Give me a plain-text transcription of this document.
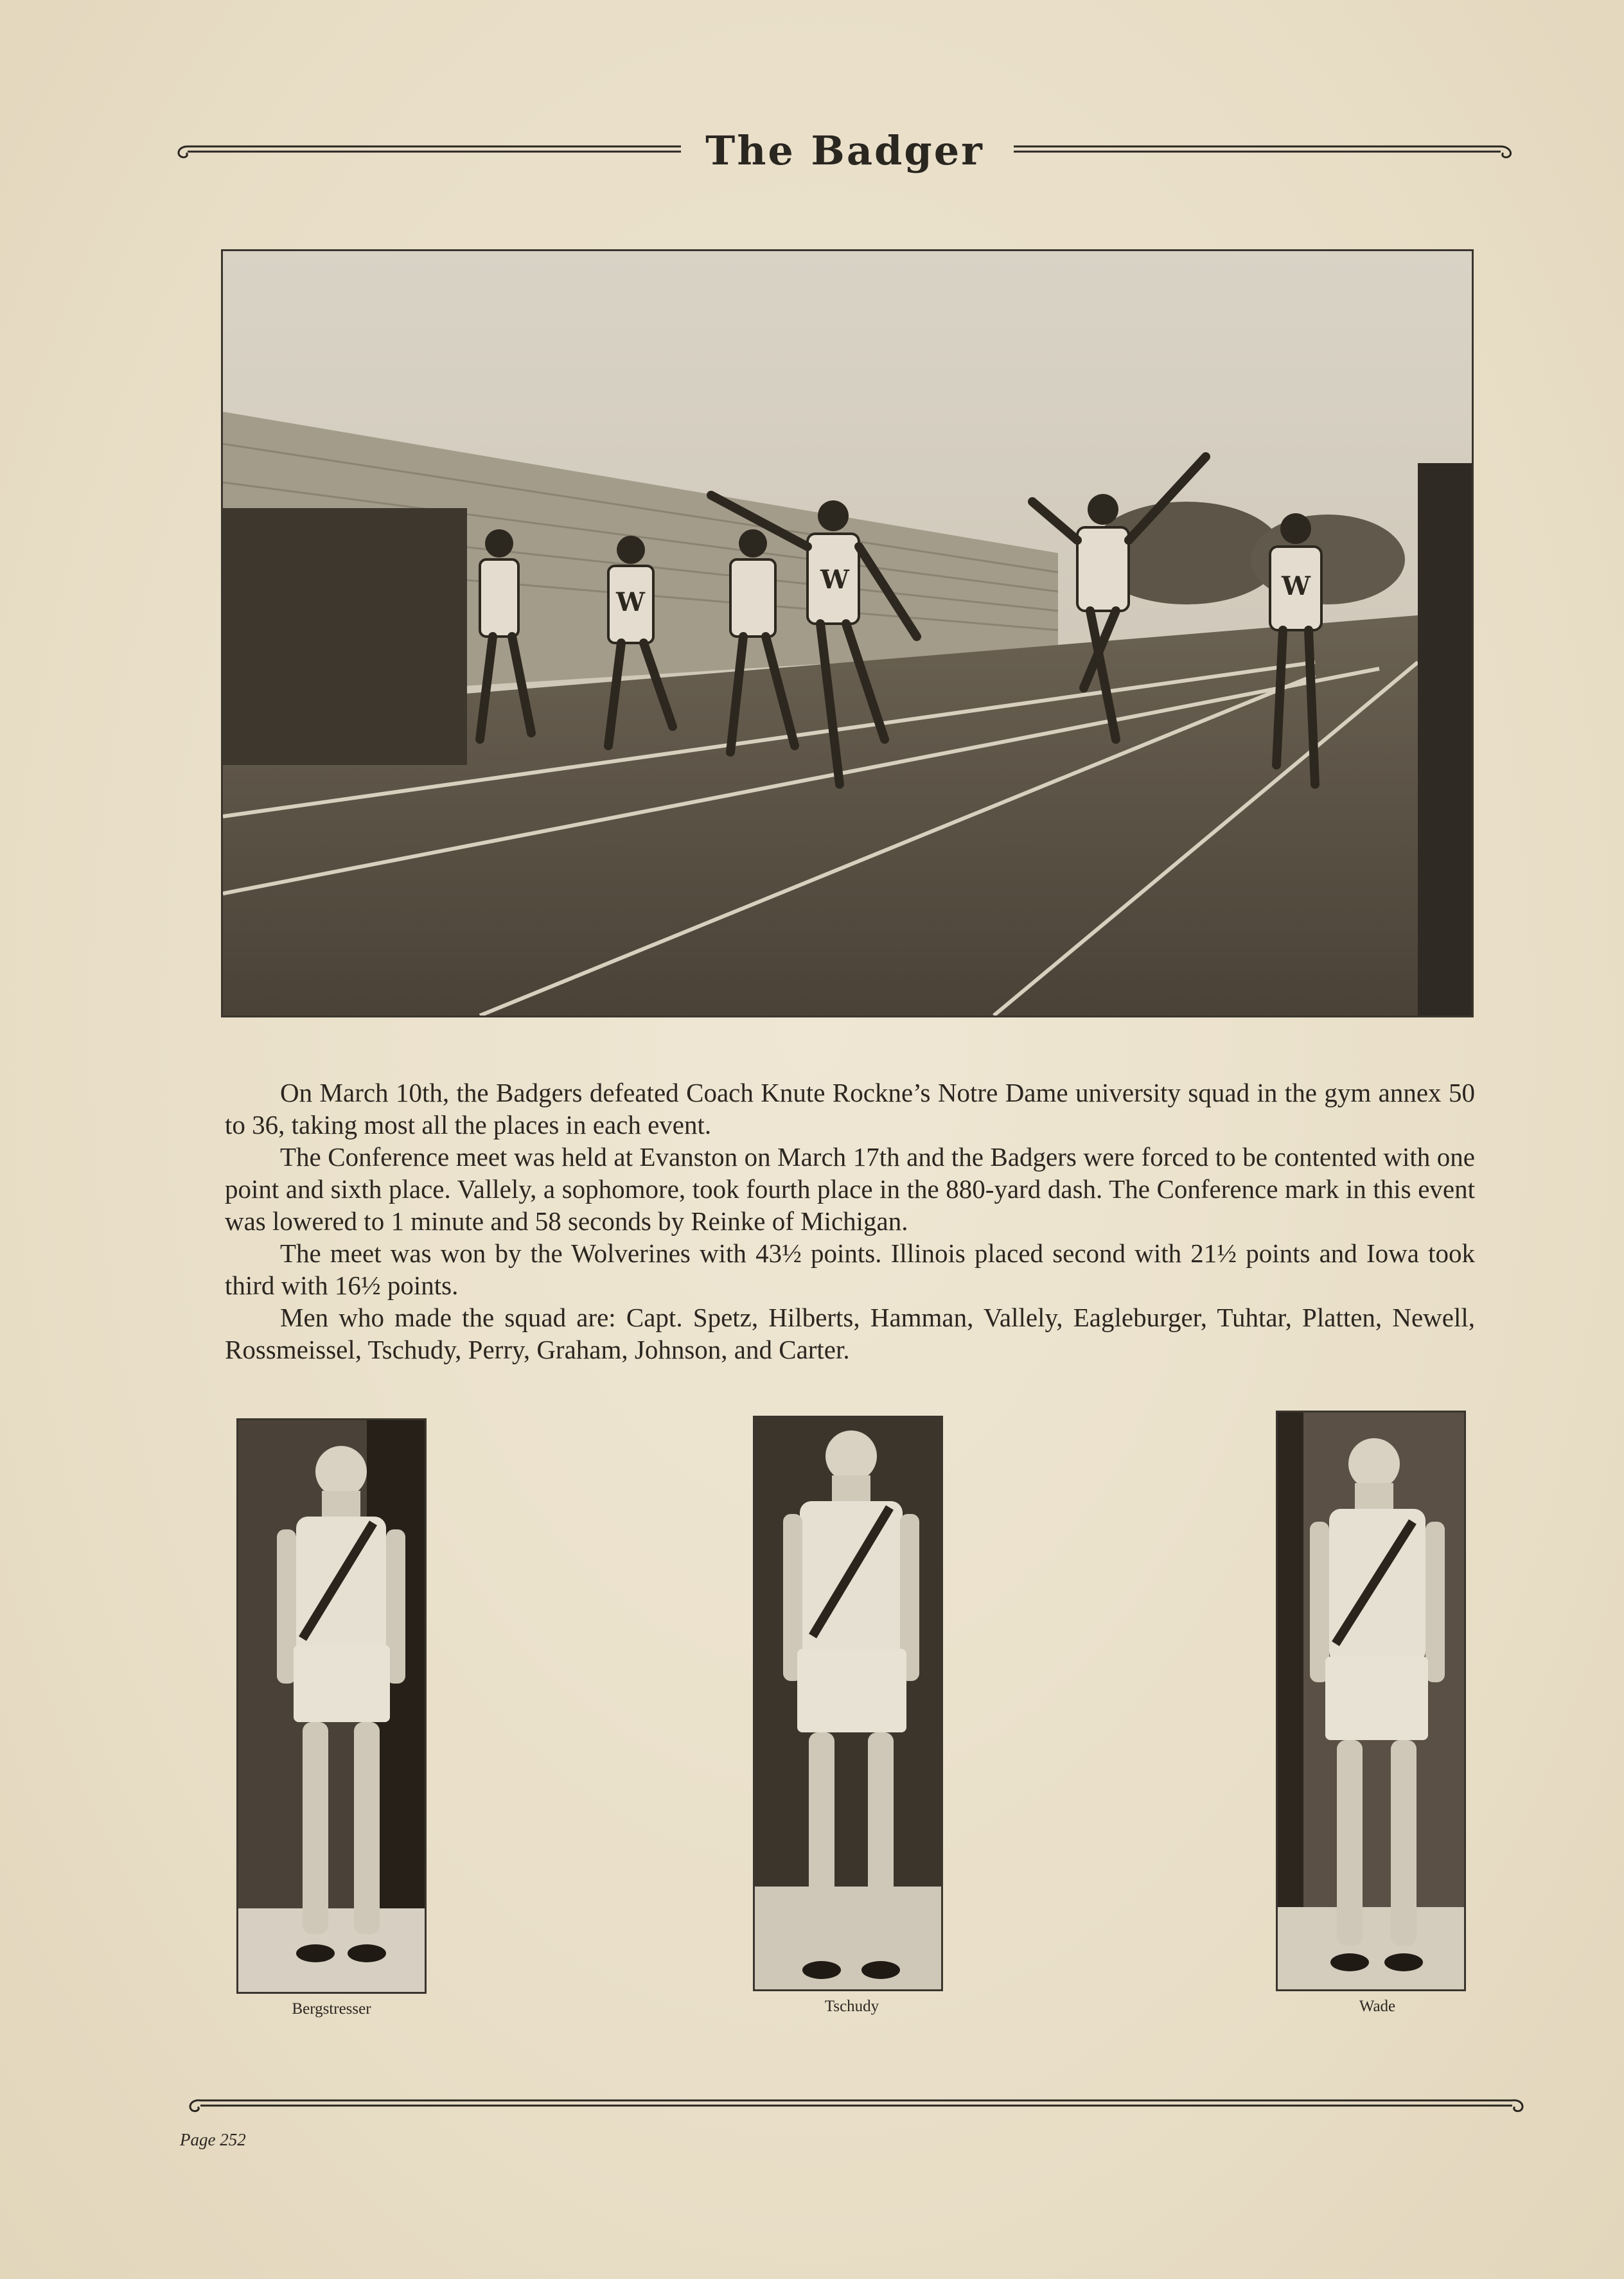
The Badger
W
W	W

On March 10th, the Badgers defeated Coach Knute Rockne’s Notre Dame university squad in the gym annex 50 to 36, taking most all the places in each event.

The Conference meet was held at Evanston on March 17th and the Badgers were forced to be contented with one point and sixth place. Vallely, a sophomore, took fourth place in the 880-yard dash. The Conference mark in this event was lowered to 1 minute and 58 seconds by Reinke of Michigan.

The meet was won by the Wolverines with 43½ points. Illinois placed second with 21½ points and Iowa took third with 16½ points.

Men who made the squad are: Capt. Spetz, Hilberts, Hamman, Vallely, Eagleburger, Tuhtar, Platten, Newell, Rossmeissel, Tschudy, Perry, Graham, Johnson, and Carter.

Bergstresser	Tschudy	Wade
Page 252
